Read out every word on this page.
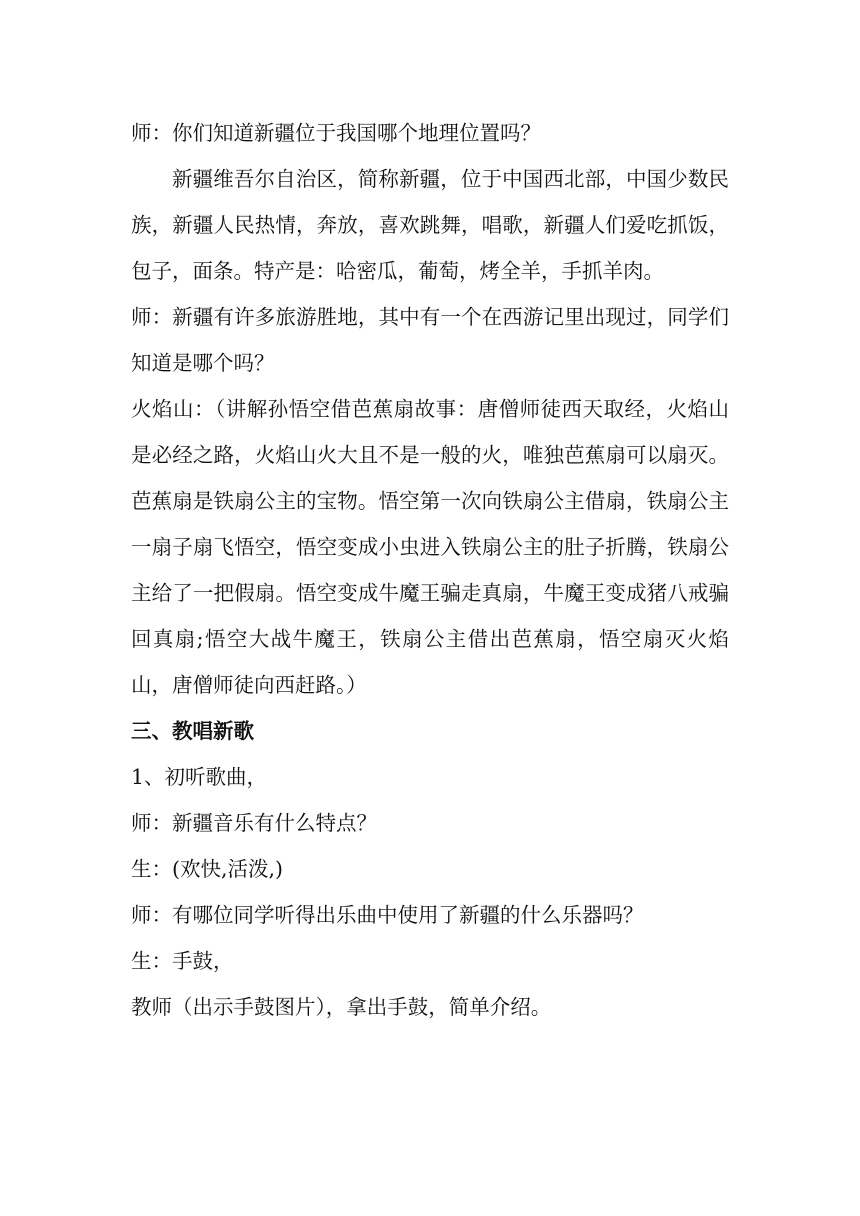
师：你们知道新疆位于我国哪个地理位置吗？

新疆维吾尔自治区，简称新疆，位于中国西北部，中国少数民族，新疆人民热情，奔放，喜欢跳舞，唱歌，新疆人们爱吃抓饭，包子，面条。特产是：哈密瓜，葡萄，烤全羊，手抓羊肉。

师：新疆有许多旅游胜地，其中有一个在西游记里出现过，同学们知道是哪个吗？

火焰山：（讲解孙悟空借芭蕉扇故事：唐僧师徒西天取经，火焰山是必经之路，火焰山火大且不是一般的火，唯独芭蕉扇可以扇灭。芭蕉扇是铁扇公主的宝物。悟空第一次向铁扇公主借扇，铁扇公主一扇子扇飞悟空，悟空变成小虫进入铁扇公主的肚子折腾，铁扇公主给了一把假扇。悟空变成牛魔王骗走真扇，牛魔王变成猪八戒骗回真扇;悟空大战牛魔王，铁扇公主借出芭蕉扇，悟空扇灭火焰山，唐僧师徒向西赶路。）

三、教唱新歌

1、初听歌曲，

师：新疆音乐有什么特点？

生：(欢快,活泼,)

师：有哪位同学听得出乐曲中使用了新疆的什么乐器吗？

生：手鼓，

教师（出示手鼓图片），拿出手鼓，简单介绍。
